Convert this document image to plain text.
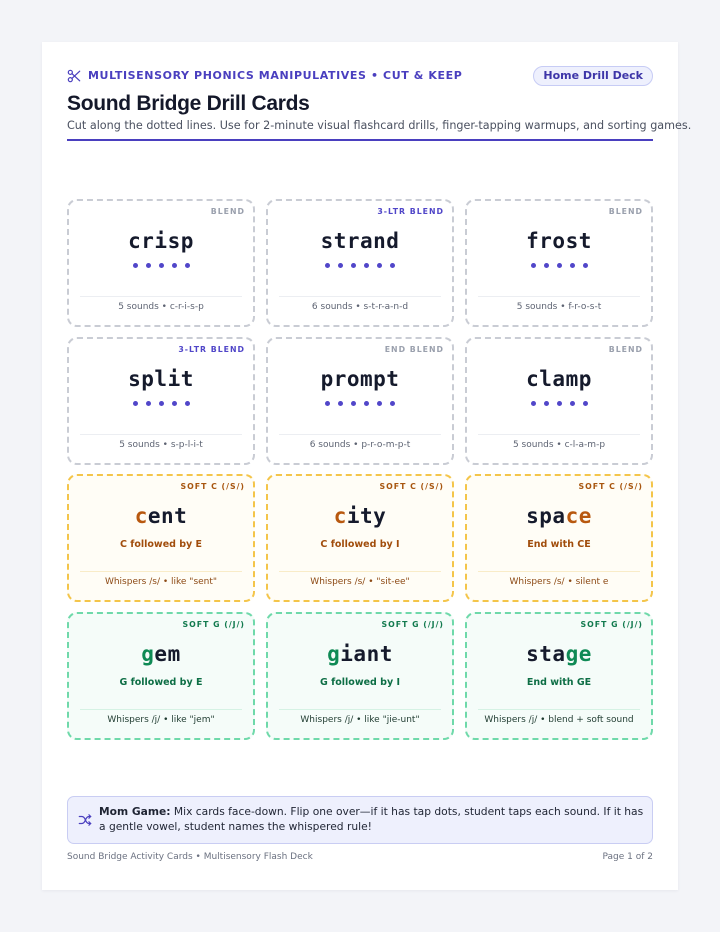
MULTISENSORY PHONICS MANIPULATIVES • CUT & KEEP	Home Drill Deck
Sound Bridge Drill Cards

Cut along the dotted lines. Use for 2-minute visual flashcard drills, finger-tapping warmups, and sorting games.

BLEND
crisp
5 sounds • c-r-i-s-p
3-LTR BLEND
strand
6 sounds • s-t-r-a-n-d
BLEND
frost
5 sounds • f-r-o-s-t
3-LTR BLEND
split
5 sounds • s-p-l-i-t
END BLEND
prompt
6 sounds • p-r-o-m-p-t
BLEND
clamp
5 sounds • c-l-a-m-p
SOFT C (/S/)
cent
C followed by E
Whispers /s/ • like "sent"
SOFT C (/S/)
city
C followed by I
Whispers /s/ • "sit-ee"
SOFT C (/S/)
space
End with CE
Whispers /s/ • silent e
SOFT G (/J/)
gem
G followed by E
Whispers /j/ • like "jem"
SOFT G (/J/)
giant
G followed by I
Whispers /j/ • like "jie-unt"
SOFT G (/J/)
stage
End with GE
Whispers /j/ • blend + soft sound

Mom Game: Mix cards face-down. Flip one over—if it has tap dots, student taps each sound. If it has a gentle vowel, student names the whispered rule!

Sound Bridge Activity Cards • Multisensory Flash Deck	Page 1 of 2
